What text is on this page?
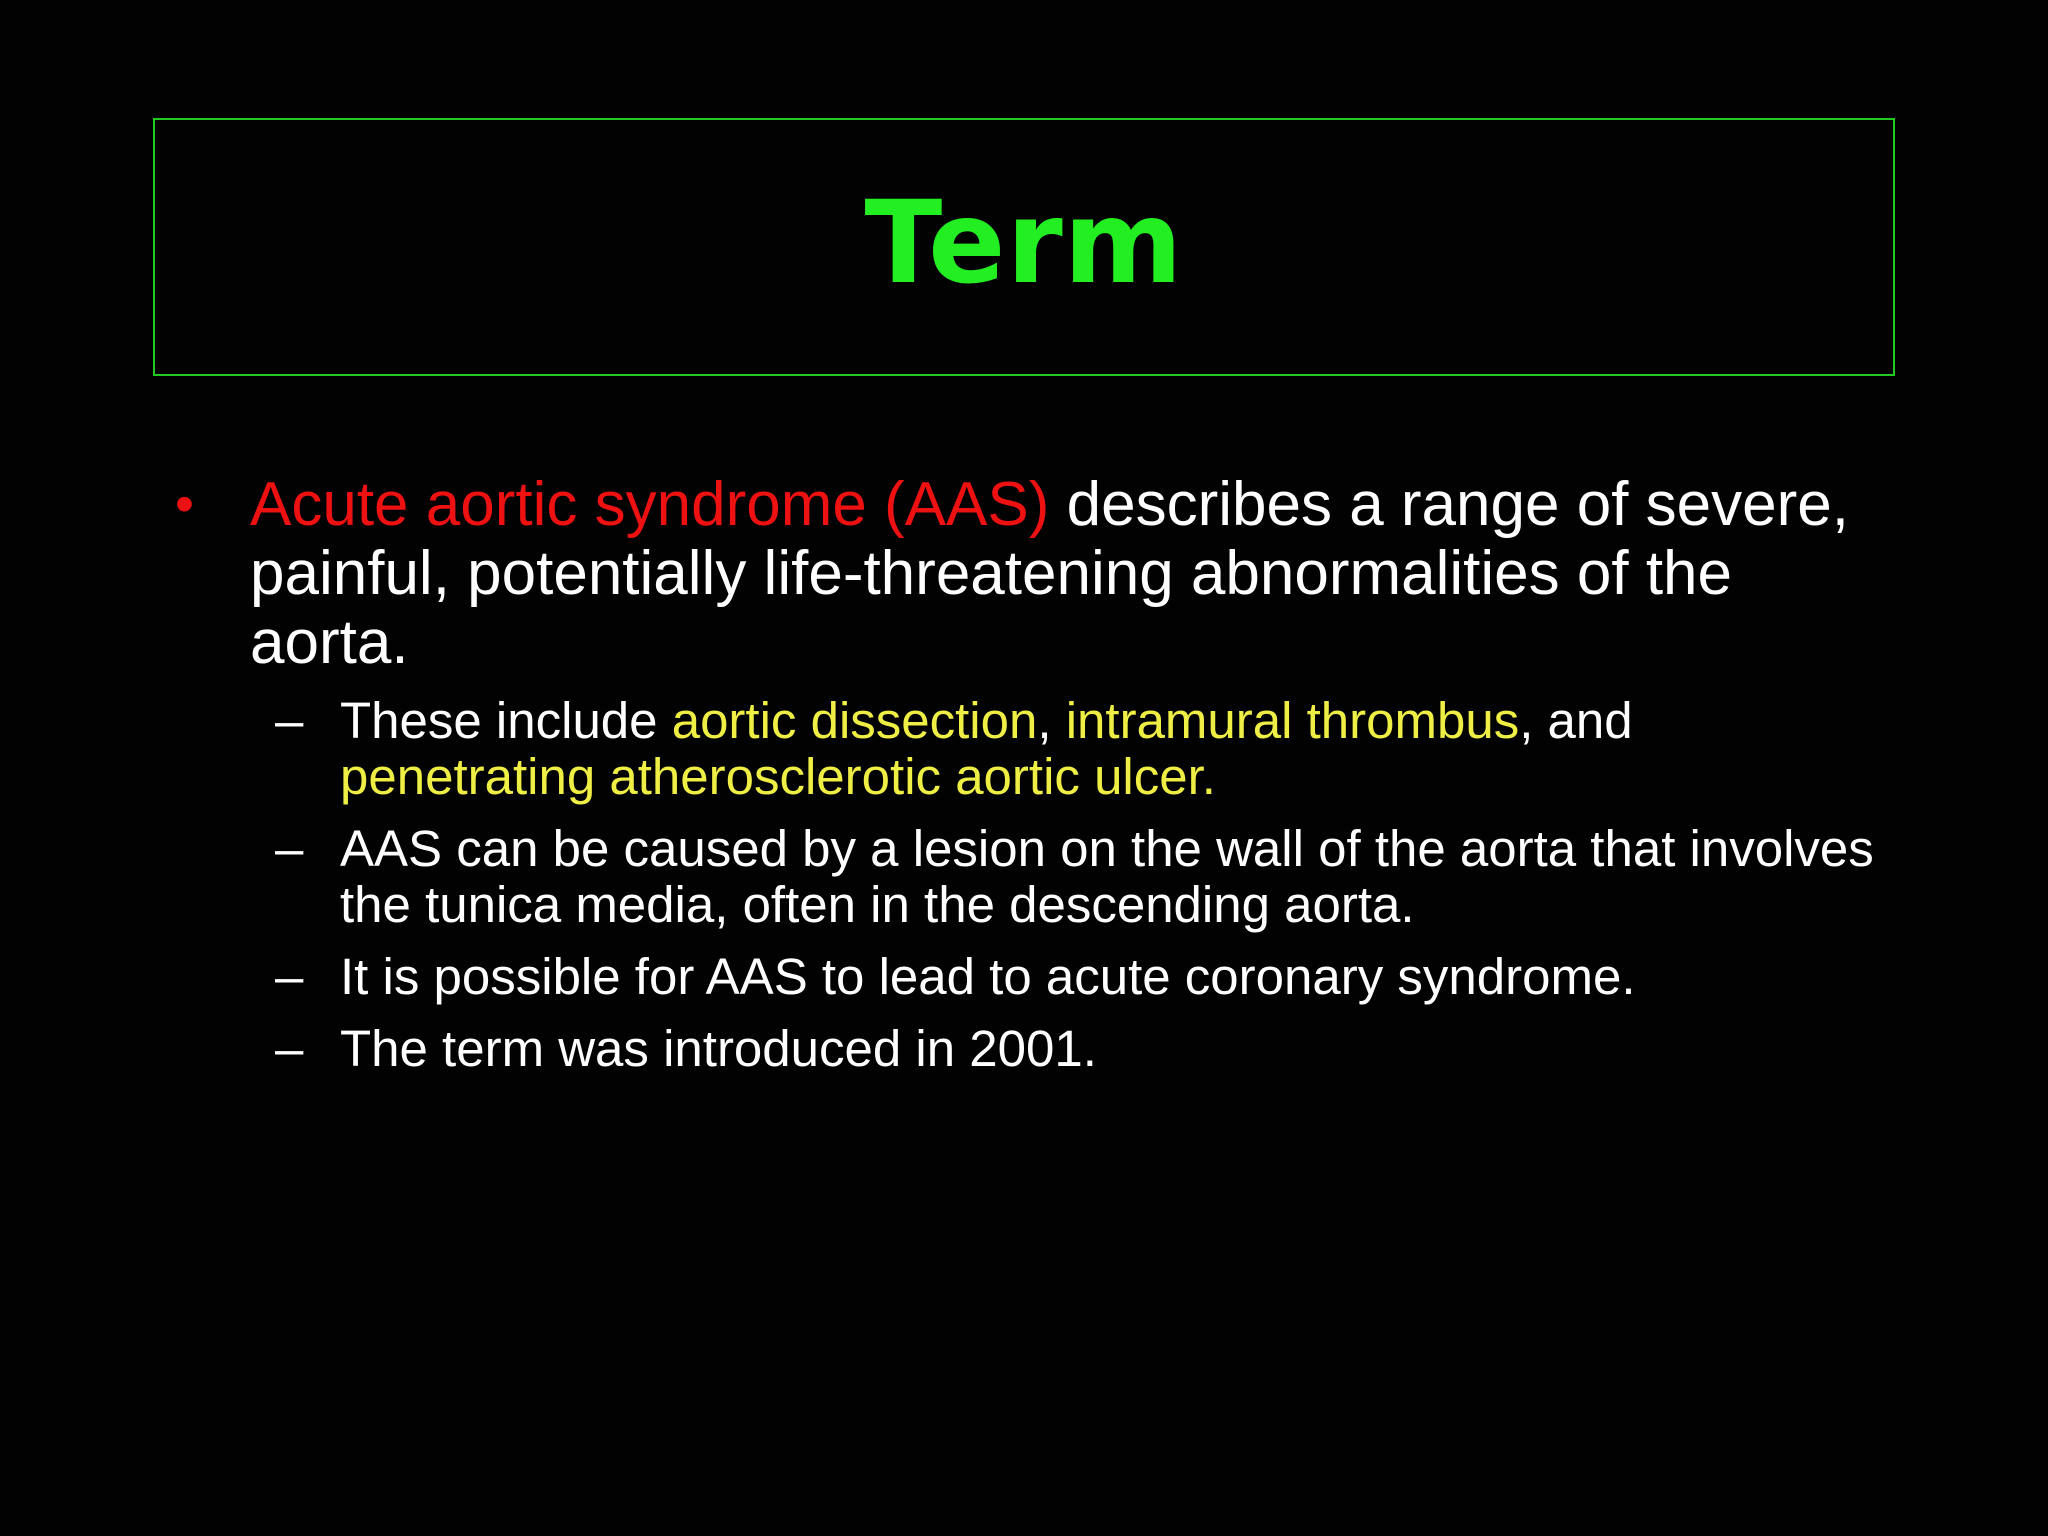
Term
• Acute aortic syndrome (AAS) describes a range of severe, painful, potentially life-threatening abnormalities of the aorta.
– These include aortic dissection, intramural thrombus, and penetrating atherosclerotic aortic ulcer.
– AAS can be caused by a lesion on the wall of the aorta that involves the tunica media, often in the descending aorta.
– It is possible for AAS to lead to acute coronary syndrome.
– The term was introduced in 2001.
